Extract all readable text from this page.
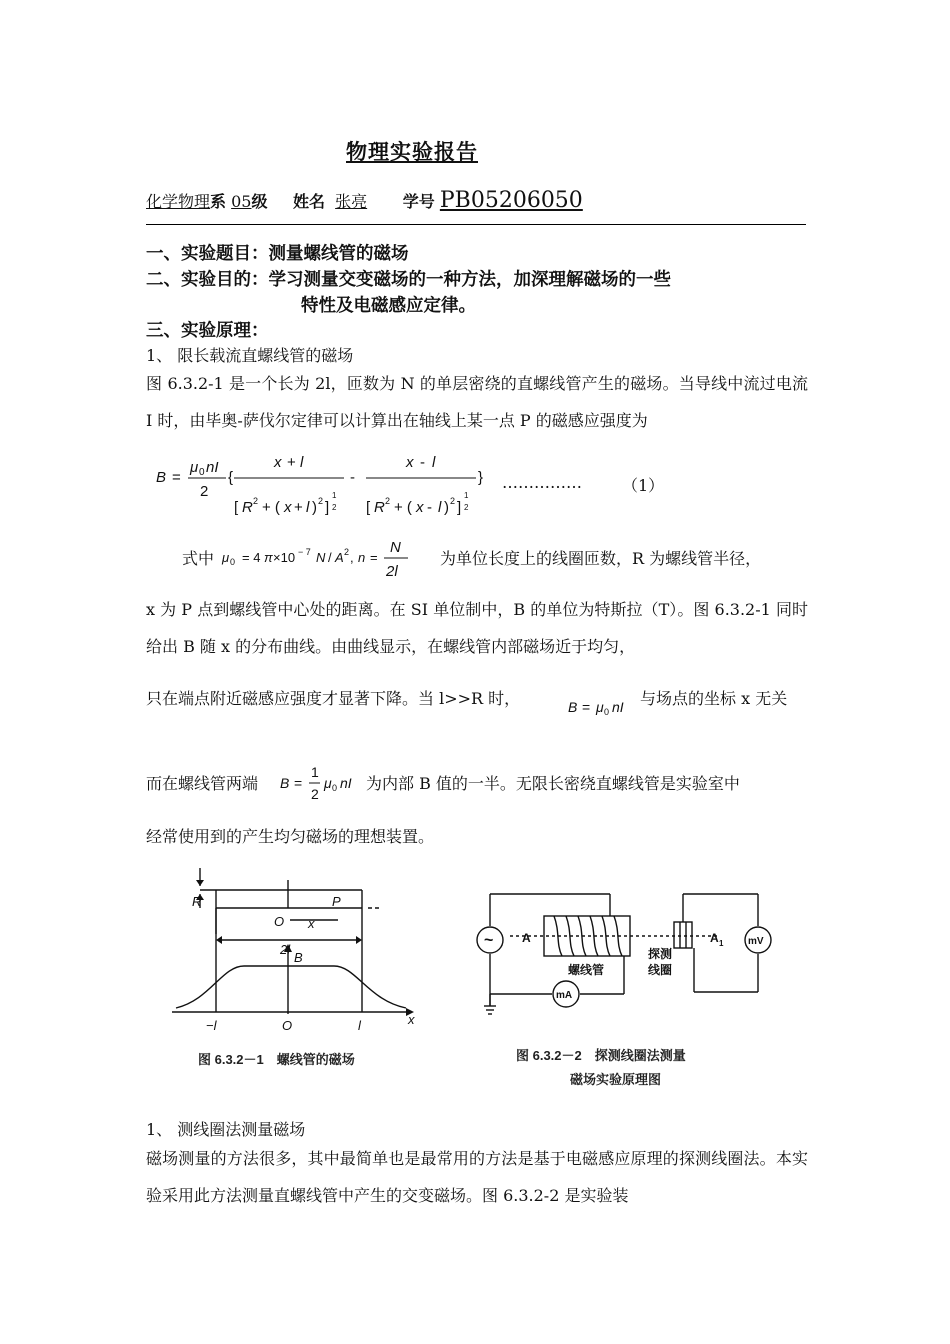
物理实验报告
化学物理系 05级 姓名 张亮 学号 PB05206050
一、实验题目：测量螺线管的磁场
二、实验目的：学习测量交变磁场的一种方法，加深理解磁场的一些
特性及电磁感应定律。
三、实验原理：
1、 限长载流直螺线管的磁场
图 6.3.2-1 是一个长为 2l，匝数为 N 的单层密绕的直螺线管产生的磁场。当导线中流过电流 I 时，由毕奥-萨伐尔定律可以计算出在轴线上某一点 P 的磁感应强度为
B =
μ 0 nI
2
{
x + l
[ R 2 + ( x + l ) 2 ]
1
2
-
x - l
[ R 2 + ( x - l ) 2 ]
1
2
} ……………	（1）
式中 μ 0 = 4 π ×10 − 7 N / A 2 , n =
N
2l
为单位长度上的线圈匝数，R 为螺线管半径，
x 为 P 点到螺线管中心处的距离。在 SI 单位制中，B 的单位为特斯拉（T）。图 6.3.2-1 同时给出 B 随 x 的分布曲线。由曲线显示，在螺线管内部磁场近于均匀，
只在端点附近磁感应强度才显著下降。当 l>>R 时，	B = μ 0 nI 与场点的坐标 x 无关
而在螺线管两端 B =
1
2
μ 0 nI 为内部 B 值的一半。无限长密绕直螺线管是实验室中
经常使用到的产生均匀磁场的理想装置。
R
O
P
x
2l
B
−l	O	l	x
图 6.3.2－1　螺线管的磁场
~ A	A 1
螺线管
探测
线圈
mA
mV
图 6.3.2－2　探测线圈法测量
磁场实验原理图
1、 测线圈法测量磁场
磁场测量的方法很多，其中最简单也是最常用的方法是基于电磁感应原理的探测线圈法。本实验采用此方法测量直螺线管中产生的交变磁场。图 6.3.2-2 是实验装
